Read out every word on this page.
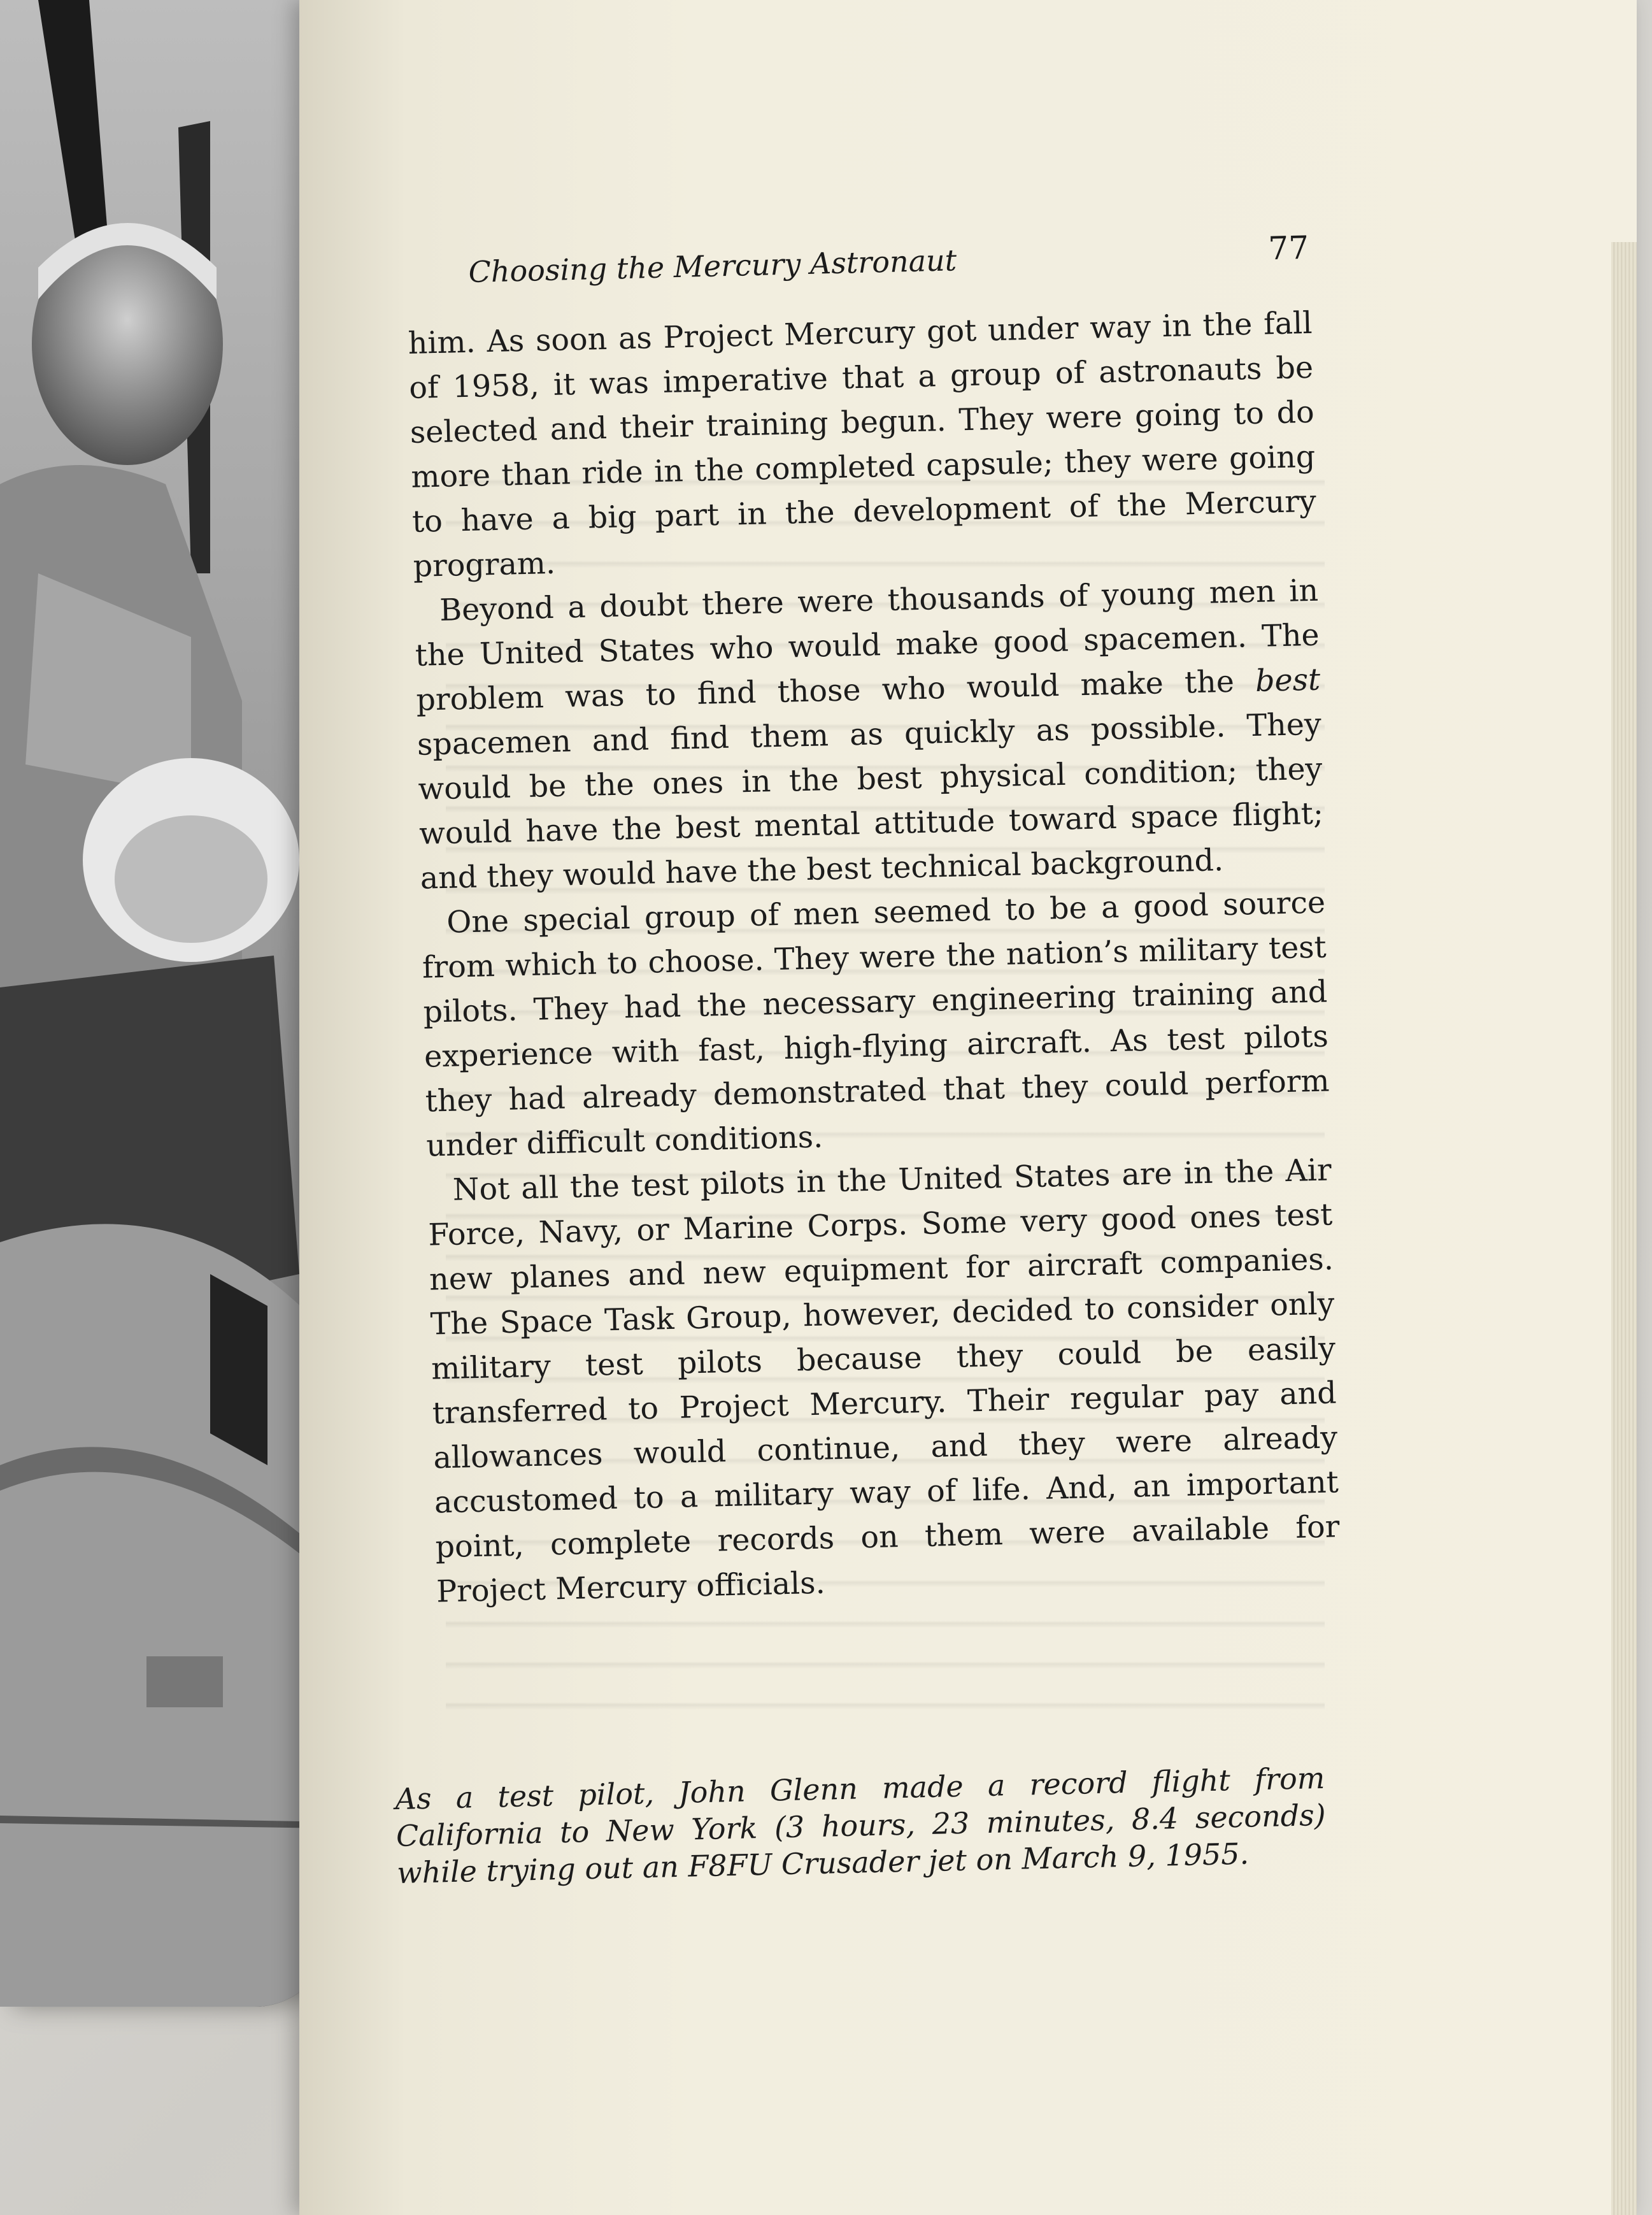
Choosing the Mercury Astronaut	77

him. As soon as Project Mercury got under way in the fall of 1958, it was imperative that a group of astronauts be selected and their training begun. They were going to do more than ride in the completed capsule; they were going to have a big part in the development of the Mercury program.

Beyond a doubt there were thousands of young men in the United States who would make good spacemen. The problem was to find those who would make the best spacemen and find them as quickly as possible. They would be the ones in the best physical condition; they would have the best mental attitude toward space flight; and they would have the best technical background.

One special group of men seemed to be a good source from which to choose. They were the nation’s military test pilots. They had the necessary engineering training and experience with fast, high-flying aircraft. As test pilots they had already demonstrated that they could perform under difficult conditions.

Not all the test pilots in the United States are in the Air Force, Navy, or Marine Corps. Some very good ones test new planes and new equipment for aircraft companies. The Space Task Group, however, decided to consider only military test pilots because they could be easily transferred to Project Mercury. Their regular pay and allowances would continue, and they were already accustomed to a military way of life. And, an important point, complete records on them were available for Project Mercury officials.

As a test pilot, John Glenn made a record flight from California to New York (3 hours, 23 minutes, 8.4 seconds) while trying out an F8FU Crusader jet on March 9, 1955.
